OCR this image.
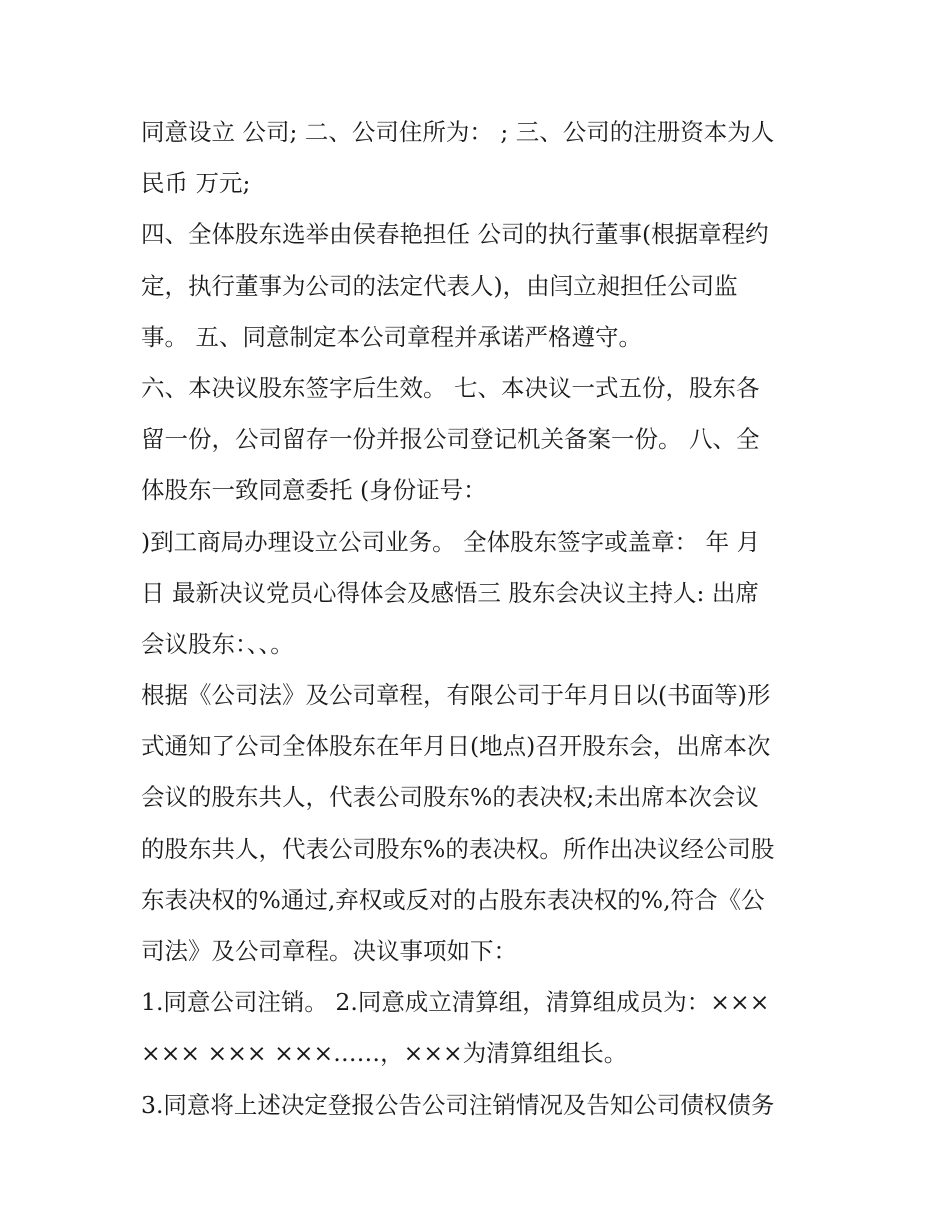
同意设立 公司; 二、公司住所为： ; 三、公司的注册资本为人
民币 万元;
四、全体股东选举由侯春艳担任 公司的执行董事(根据章程约
定，执行董事为公司的法定代表人)，由闫立昶担任公司监
事。 五、同意制定本公司章程并承诺严格遵守。
六、本决议股东签字后生效。 七、本决议一式五份，股东各
留一份，公司留存一份并报公司登记机关备案一份。 八、全
体股东一致同意委托 (身份证号：
)到工商局办理设立公司业务。 全体股东签字或盖章： 年 月
日 最新决议党员心得体会及感悟三 股东会决议主持人: 出席
会议股东：、、。
根据《公司法》及公司章程，有限公司于年月日以(书面等)形
式通知了公司全体股东在年月日(地点)召开股东会，出席本次
会议的股东共人，代表公司股东%的表决权;未出席本次会议
的股东共人，代表公司股东%的表决权。所作出决议经公司股
东表决权的%通过,弃权或反对的占股东表决权的%,符合《公
司法》及公司章程。决议事项如下：
1.同意公司注销。 2.同意成立清算组，清算组成员为：×××
××× ××× ×××……，×××为清算组组长。
3.同意将上述决定登报公告公司注销情况及告知公司债权债务
